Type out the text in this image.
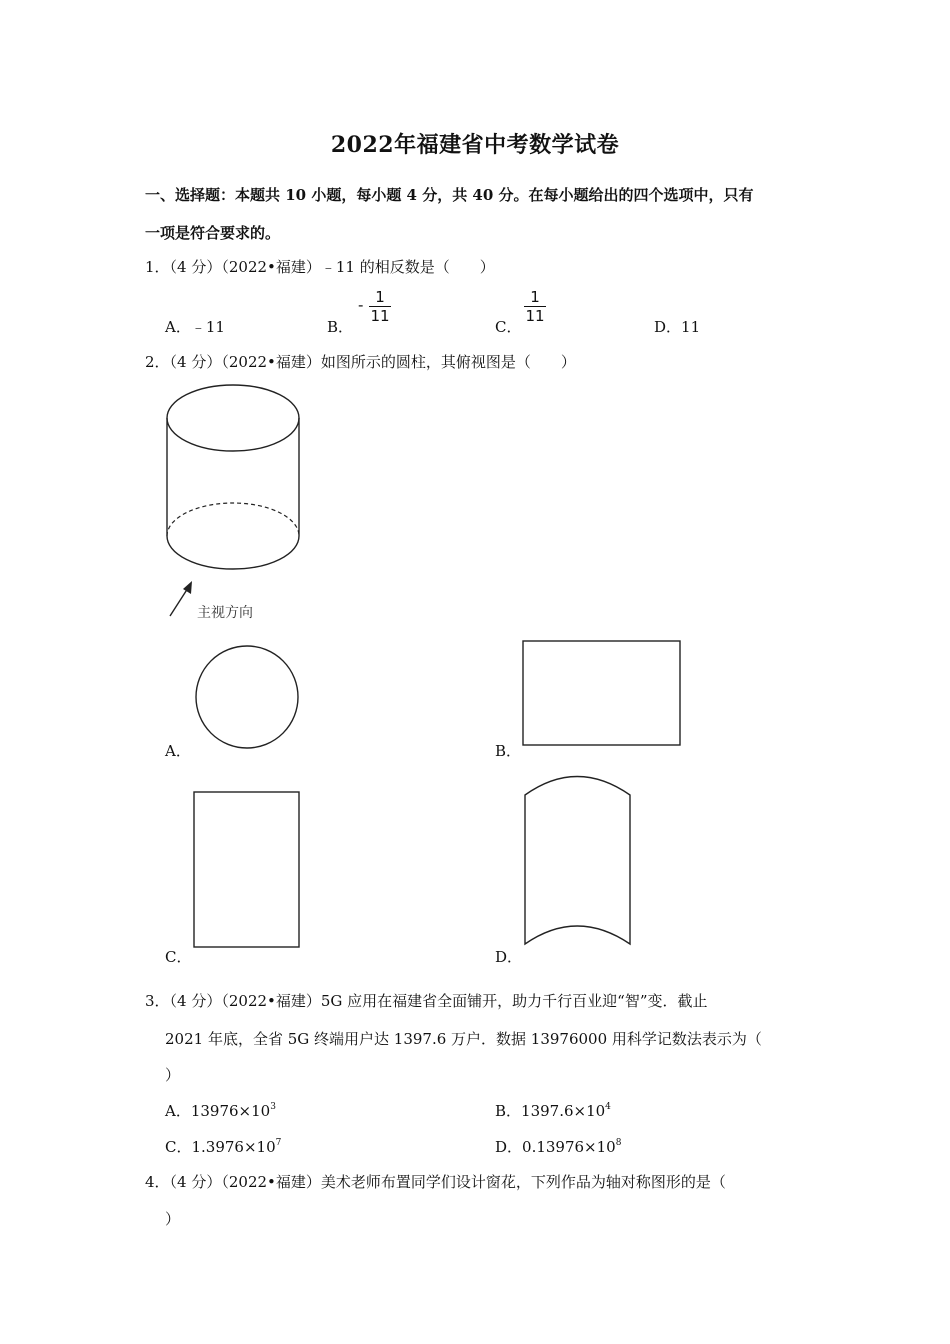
2022年福建省中考数学试卷
一、选择题：本题共 10 小题，每小题 4 分，共 40 分。在每小题给出的四个选项中，只有
一项是符合要求的。
1．（4 分）（2022•福建）﹣11 的相反数是（　　）
A．﹣11	B．
- 1
11
C．
1
11
D．11
2．（4 分）（2022•福建）如图所示的圆柱，其俯视图是（　　）
主视方向
A．	B．
C．	D．
3．（4 分）（2022•福建）5G 应用在福建省全面铺开，助力千行百业迎“智”变．截止
2021 年底，全省 5G 终端用户达 1397.6 万户．数据 13976000 用科学记数法表示为（
）
A．$13976\times 10^3$	B．$1397.6\times 10^4$
C．$1.3976\times 10^7$	D．$0.13976\times 10^8$
4．（4 分）（2022•福建）美术老师布置同学们设计窗花，下列作品为轴对称图形的是（
）
